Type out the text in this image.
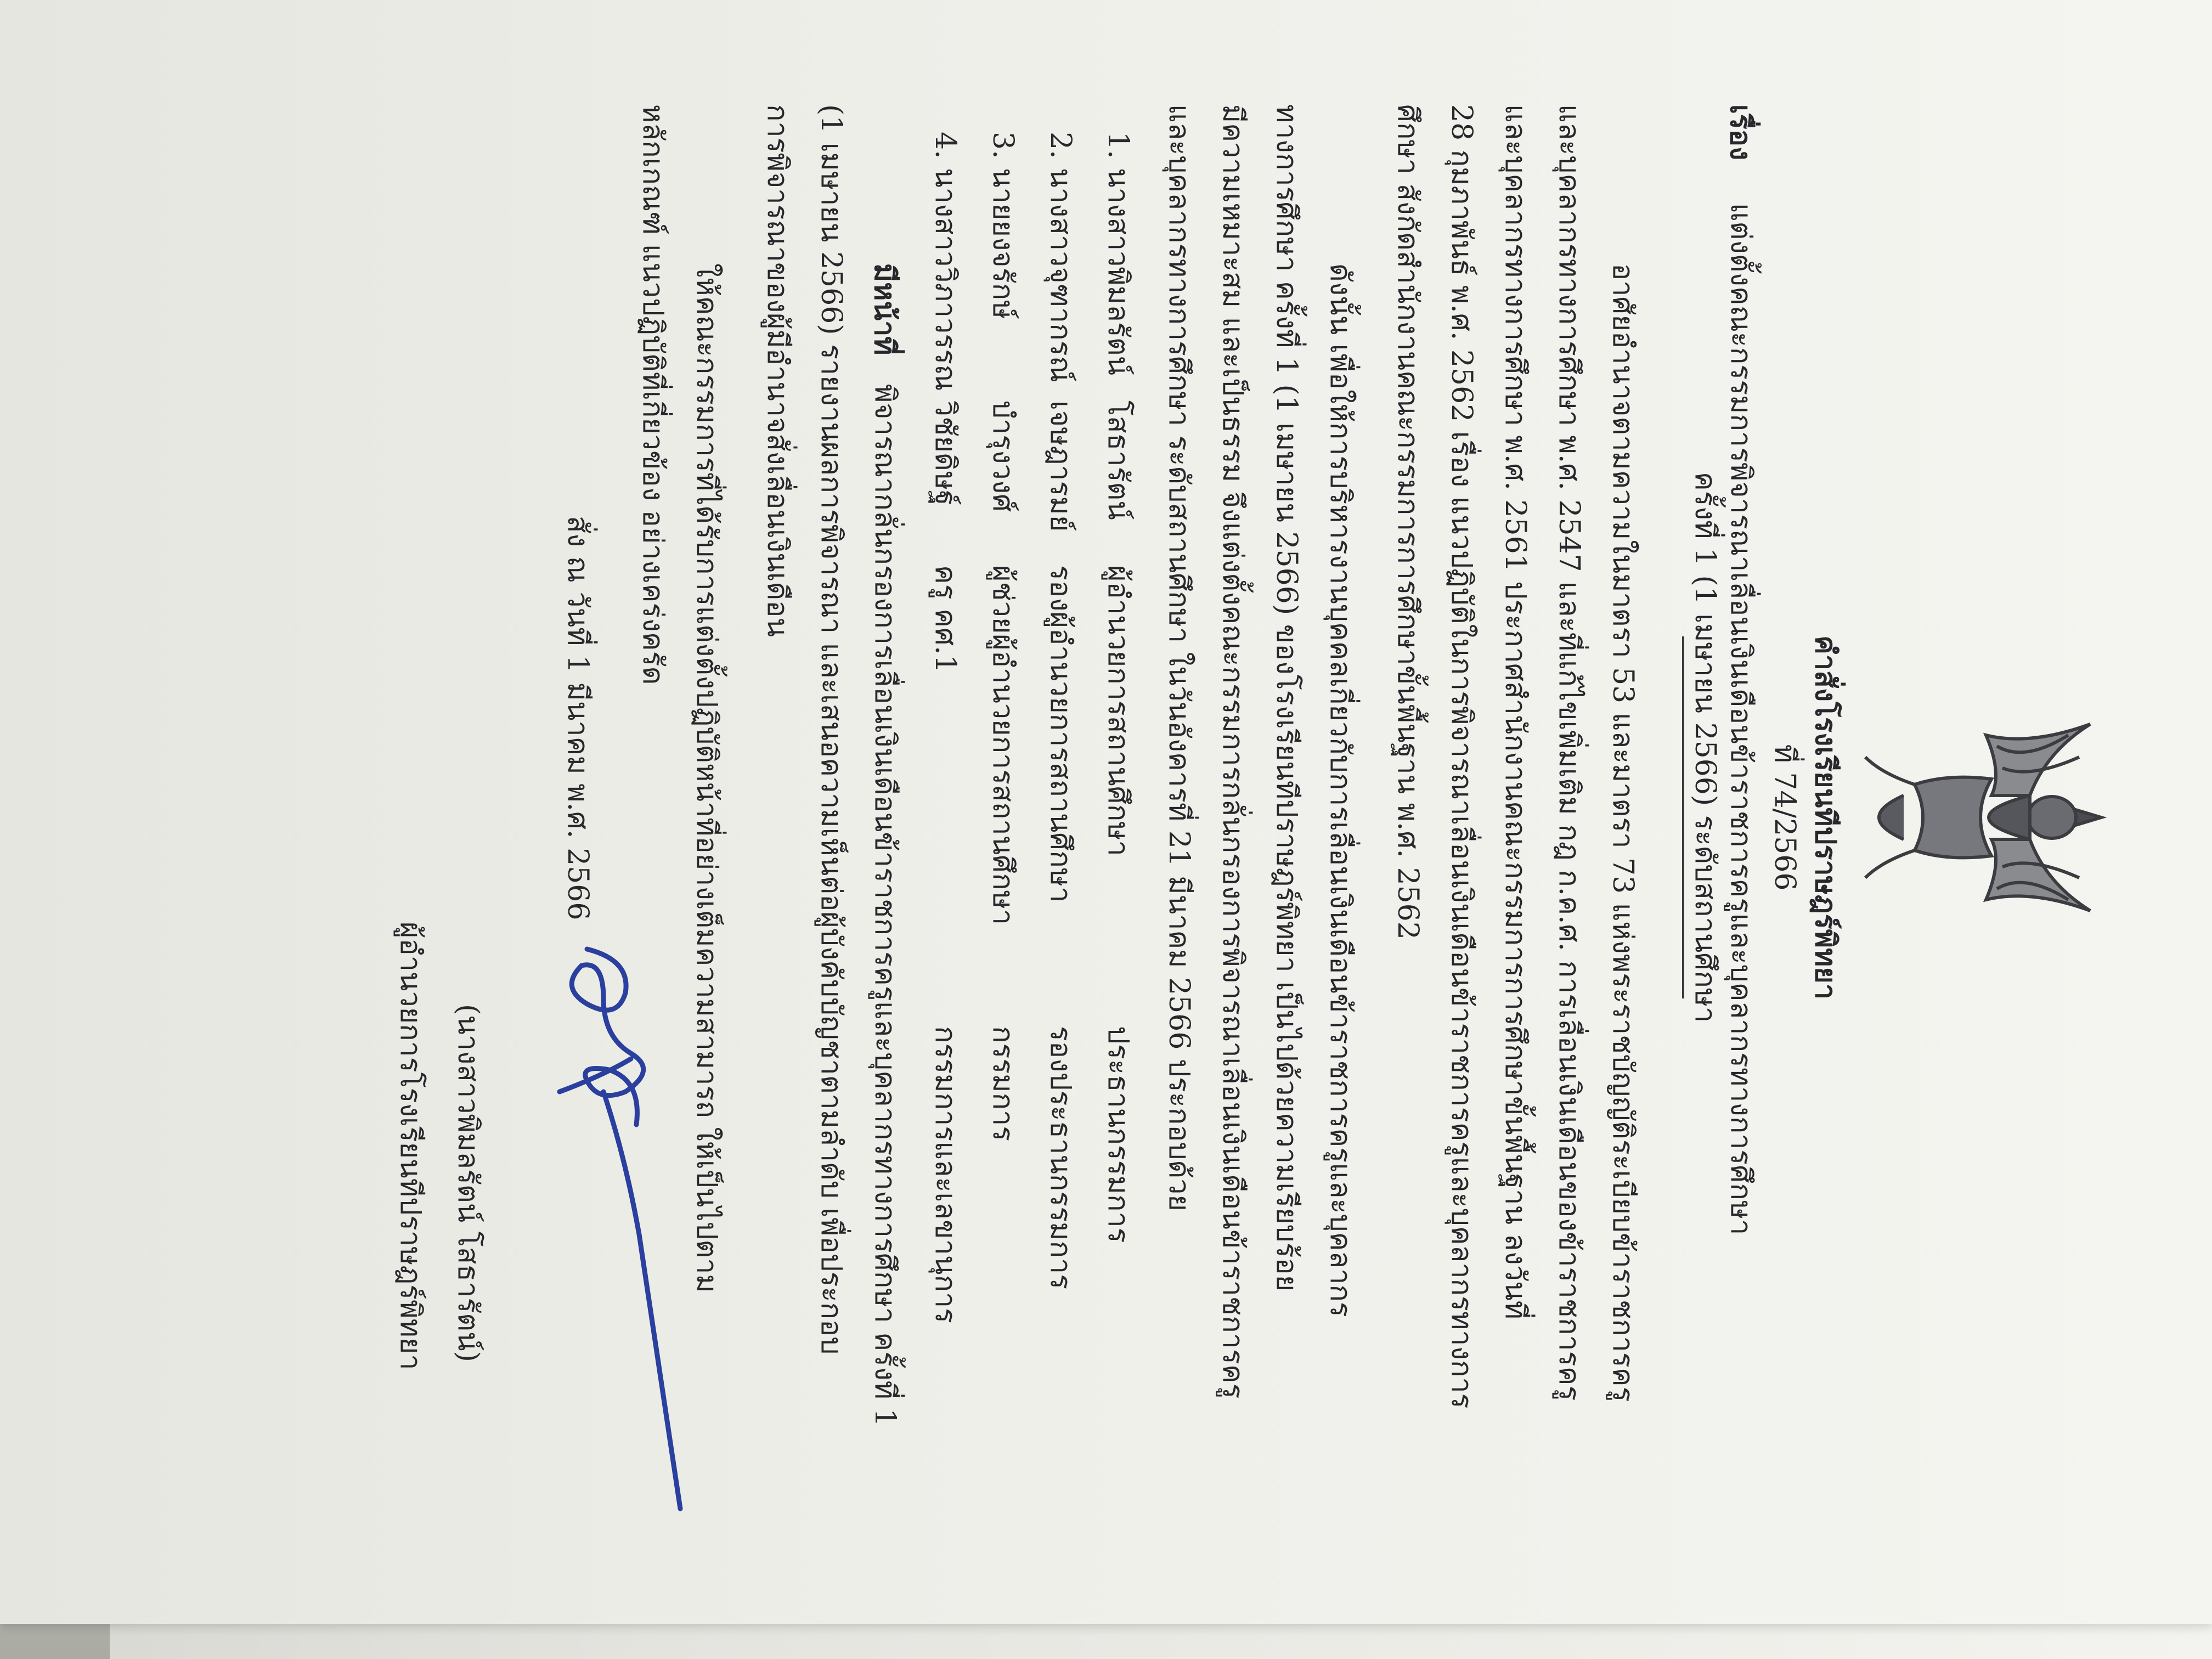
คำสั่งโรงเรียนทีปราษฎร์พิทยา
ที่ 74/2566
เรื่อง
แต่งตั้งคณะกรรมการพิจารณาเลื่อนเงินเดือนข้าราชการครูและบุคลากรทางการศึกษา
ครั้งที่ 1 (1 เมษายน 2566) ระดับสถานศึกษา
อาศัยอำนาจตามความในมาตรา 53 และมาตรา 73 แห่งพระราชบัญญัติระเบียบข้าราชการครู
และบุคลากรทางการศึกษา พ.ศ. 2547 และที่แก้ไขเพิ่มเติม กฎ ก.ค.ศ. การเลื่อนเงินเดือนของข้าราชการครู
และบุคลากรทางการศึกษา พ.ศ. 2561 ประกาศสำนักงานคณะกรรมการการศึกษาขั้นพื้นฐาน ลงวันที่
28 กุมภาพันธ์ พ.ศ. 2562 เรื่อง แนวปฏิบัติในการพิจารณาเลื่อนเงินเดือนข้าราชการครูและบุคลากรทางการ
ศึกษา สังกัดสำนักงานคณะกรรมการการศึกษาขั้นพื้นฐาน พ.ศ. 2562
ดังนั้น เพื่อให้การบริหารงานบุคคลเกี่ยวกับการเลื่อนเงินเดือนข้าราชการครูและบุคลากร
ทางการศึกษา ครั้งที่ 1 (1 เมษายน 2566) ของโรงเรียนทีปราษฎร์พิทยา เป็นไปด้วยความเรียบร้อย
มีความเหมาะสม และเป็นธรรม จึงแต่งตั้งคณะกรรมการกลั่นกรองการพิจารณาเลื่อนเงินเดือนข้าราชการครู
และบุคลากรทางการศึกษา ระดับสถานศึกษา ในวันอังคารที่ 21 มีนาคม 2566 ประกอบด้วย
1. นางสาวพิมลรัตน์
โสธารัตน์
ผู้อำนวยการสถานศึกษา
ประธานกรรมการ
2. นางสาวจุฑากรณ์
เจษฎารมย์
รองผู้อำนวยการสถานศึกษา
รองประธานกรรมการ
3. นายยงจรักษ์
บำรุงวงศ์
ผู้ช่วยผู้อำนวยการสถานศึกษา
กรรมการ
4. นางสาววิภาวรรณ
วิชัยดิษฐ์
ครู คศ.1
กรรมการและเลขานุการ
มีหน้าที่
พิจารณากลั่นกรองการเลื่อนเงินเดือนข้าราชการครูและบุคลากรทางการศึกษา ครั้งที่ 1
(1 เมษายน 2566) รายงานผลการพิจารณา และเสนอความเห็นต่อผู้บังคับบัญชาตามลำดับ เพื่อประกอบ
การพิจารณาของผู้มีอำนาจสั่งเลื่อนเงินเดือน
ให้คณะกรรมการที่ได้รับการแต่งตั้งปฏิบัติหน้าที่อย่างเต็มความสามารถ ให้เป็นไปตาม
หลักเกณฑ์ แนวปฏิบัติที่เกี่ยวข้อง อย่างเคร่งครัด
สั่ง ณ วันที่ 1 มีนาคม พ.ศ. 2566
(นางสาวพิมลรัตน์ โสธารัตน์)
ผู้อำนวยการโรงเรียนทีปราษฎร์พิทยา
